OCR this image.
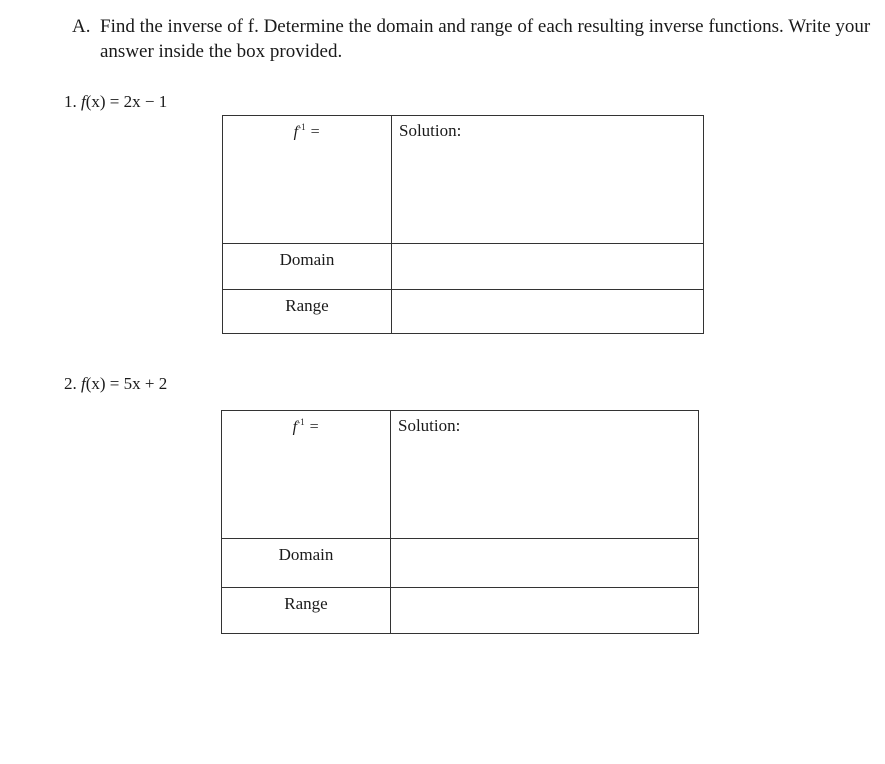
A. Find the inverse of f. Determine the domain and range of each resulting inverse functions. Write your answer inside the box provided.
1. f(x) = 2x − 1
$f^{-1}$ =	Solution:

Domain	

Range	

2. f(x) = 5x + 2
$f^{-1}$ =	Solution:

Domain	

Range	
